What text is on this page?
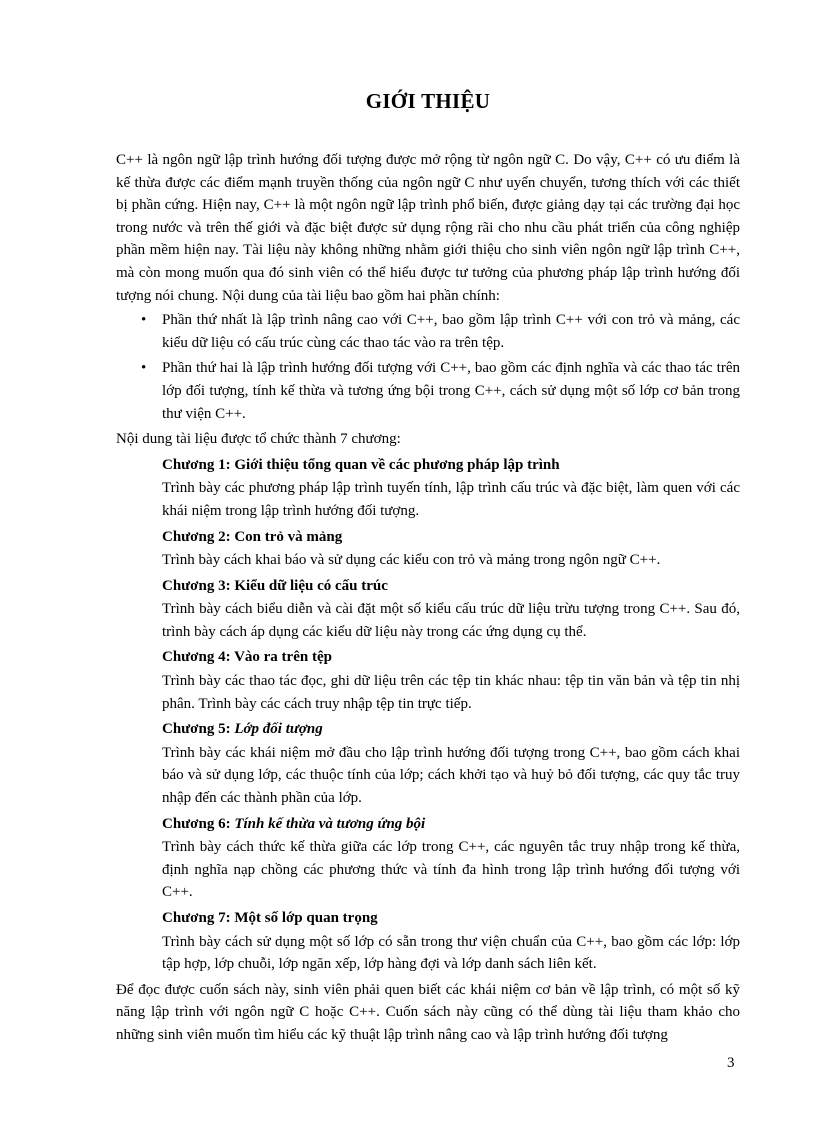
GIỚI THIỆU

C++ là ngôn ngữ lập trình hướng đối tượng được mở rộng từ ngôn ngữ C. Do vậy, C++ có ưu điểm là kế thừa được các điểm mạnh truyền thống của ngôn ngữ C như uyển chuyển, tương thích với các thiết bị phần cứng. Hiện nay, C++ là một ngôn ngữ lập trình phổ biến, được giảng dạy tại các trường đại học trong nước và trên thế giới và đặc biệt được sử dụng rộng rãi cho nhu cầu phát triển của công nghiệp phần mềm hiện nay. Tài liệu này không những nhằm giới thiệu cho sinh viên ngôn ngữ lập trình C++, mà còn mong muốn qua đó sinh viên có thể hiểu được tư tưởng của phương pháp lập trình hướng đối tượng nói chung. Nội dung của tài liệu bao gồm hai phần chính:

• Phần thứ nhất là lập trình nâng cao với C++, bao gồm lập trình C++ với con trỏ và mảng, các kiểu dữ liệu có cấu trúc cùng các thao tác vào ra trên tệp.
• Phần thứ hai là lập trình hướng đối tượng với C++, bao gồm các định nghĩa và các thao tác trên lớp đối tượng, tính kế thừa và tương ứng bội trong C++, cách sử dụng một số lớp cơ bản trong thư viện C++.

Nội dung tài liệu được tổ chức thành 7 chương:

Chương 1: Giới thiệu tổng quan về các phương pháp lập trình
Trình bày các phương pháp lập trình tuyến tính, lập trình cấu trúc và đặc biệt, làm quen với các khái niệm trong lập trình hướng đối tượng.
Chương 2: Con trỏ và mảng
Trình bày cách khai báo và sử dụng các kiểu con trỏ và mảng trong ngôn ngữ C++.
Chương 3: Kiểu dữ liệu có cấu trúc
Trình bày cách biểu diễn và cài đặt một số kiểu cấu trúc dữ liệu trừu tượng trong C++. Sau đó, trình bày cách áp dụng các kiểu dữ liệu này trong các ứng dụng cụ thể.
Chương 4: Vào ra trên tệp
Trình bày các thao tác đọc, ghi dữ liệu trên các tệp tin khác nhau: tệp tin văn bản và tệp tin nhị phân. Trình bày các cách truy nhập tệp tin trực tiếp.
Chương 5: Lớp đối tượng
Trình bày các khái niệm mở đầu cho lập trình hướng đối tượng trong C++, bao gồm cách khai báo và sử dụng lớp, các thuộc tính của lớp; cách khởi tạo và huỷ bỏ đối tượng, các quy tắc truy nhập đến các thành phần của lớp.
Chương 6: Tính kế thừa và tương ứng bội
Trình bày cách thức kế thừa giữa các lớp trong C++, các nguyên tắc truy nhập trong kế thừa, định nghĩa nạp chồng các phương thức và tính đa hình trong lập trình hướng đối tượng với C++.
Chương 7: Một số lớp quan trọng
Trình bày cách sử dụng một số lớp có sẵn trong thư viện chuẩn của C++, bao gồm các lớp: lớp tập hợp, lớp chuỗi, lớp ngăn xếp, lớp hàng đợi và lớp danh sách liên kết.

Để đọc được cuốn sách này, sinh viên phải quen biết các khái niệm cơ bản về lập trình, có một số kỹ năng lập trình với ngôn ngữ C hoặc C++. Cuốn sách này cũng có thể dùng tài liệu tham khảo cho những sinh viên muốn tìm hiểu các kỹ thuật lập trình nâng cao và lập trình hướng đối tượng

3
